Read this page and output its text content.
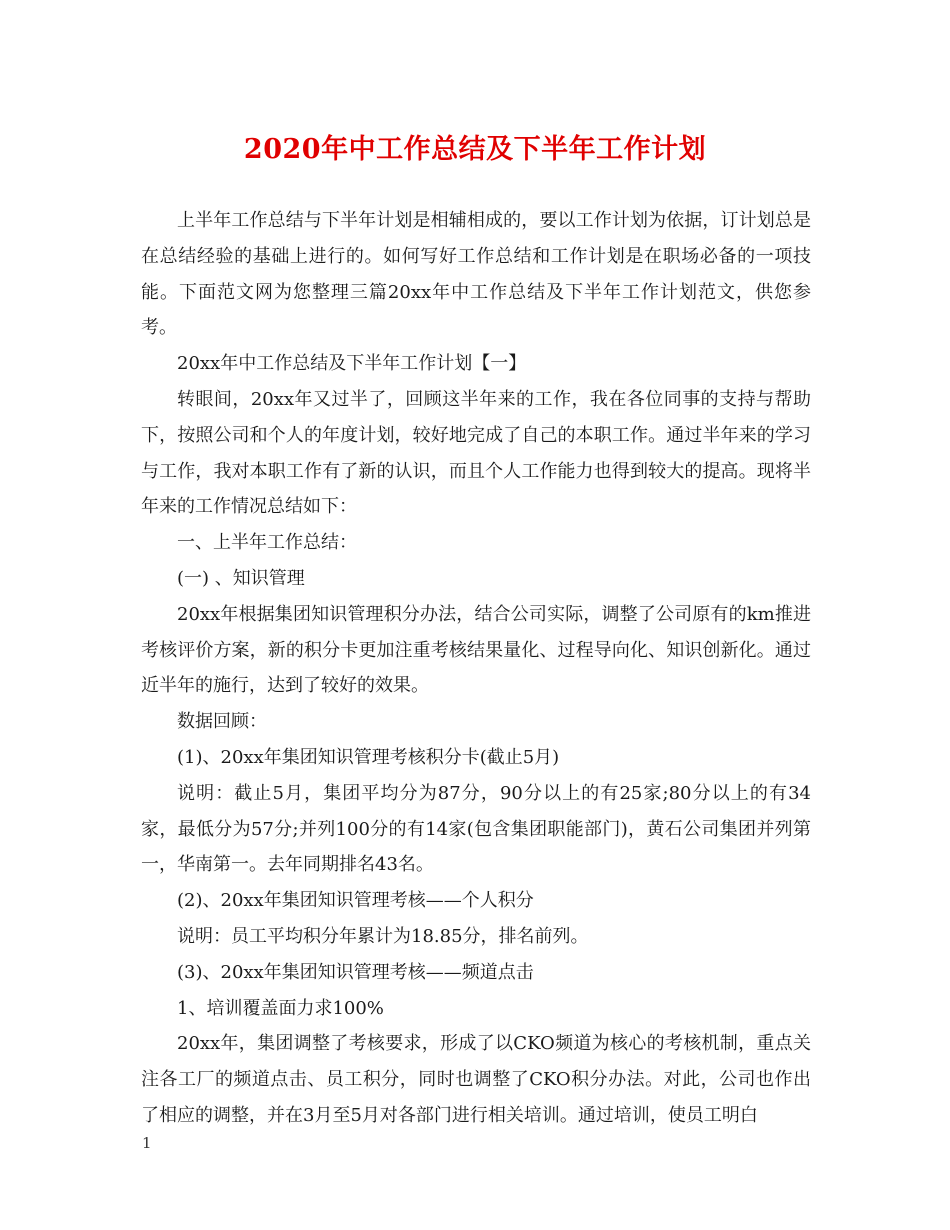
2020年中工作总结及下半年工作计划

上半年工作总结与下半年计划是相辅相成的，要以工作计划为依据，订计划总是在总结经验的基础上进行的。如何写好工作总结和工作计划是在职场必备的一项技能。下面范文网为您整理三篇20xx年中工作总结及下半年工作计划范文，供您参考。

20xx年中工作总结及下半年工作计划【一】

转眼间，20xx年又过半了，回顾这半年来的工作，我在各位同事的支持与帮助下，按照公司和个人的年度计划，较好地完成了自己的本职工作。通过半年来的学习与工作，我对本职工作有了新的认识，而且个人工作能力也得到较大的提高。现将半年来的工作情况总结如下：

一、上半年工作总结：

(一) 、知识管理

20xx年根据集团知识管理积分办法，结合公司实际，调整了公司原有的km推进考核评价方案，新的积分卡更加注重考核结果量化、过程导向化、知识创新化。通过近半年的施行，达到了较好的效果。

数据回顾：

(1)、20xx年集团知识管理考核积分卡(截止5月)

说明：截止5月，集团平均分为87分，90分以上的有25家;80分以上的有34家，最低分为57分;并列100分的有14家(包含集团职能部门)，黄石公司集团并列第一，华南第一。去年同期排名43名。

(2)、20xx年集团知识管理考核——个人积分

说明：员工平均积分年累计为18.85分，排名前列。

(3)、20xx年集团知识管理考核——频道点击

1、培训覆盖面力求100%

20xx年，集团调整了考核要求，形成了以CKO频道为核心的考核机制，重点关注各工厂的频道点击、员工积分，同时也调整了CKO积分办法。对此，公司也作出了相应的调整，并在3月至5月对各部门进行相关培训。通过培训，使员工明白

1
